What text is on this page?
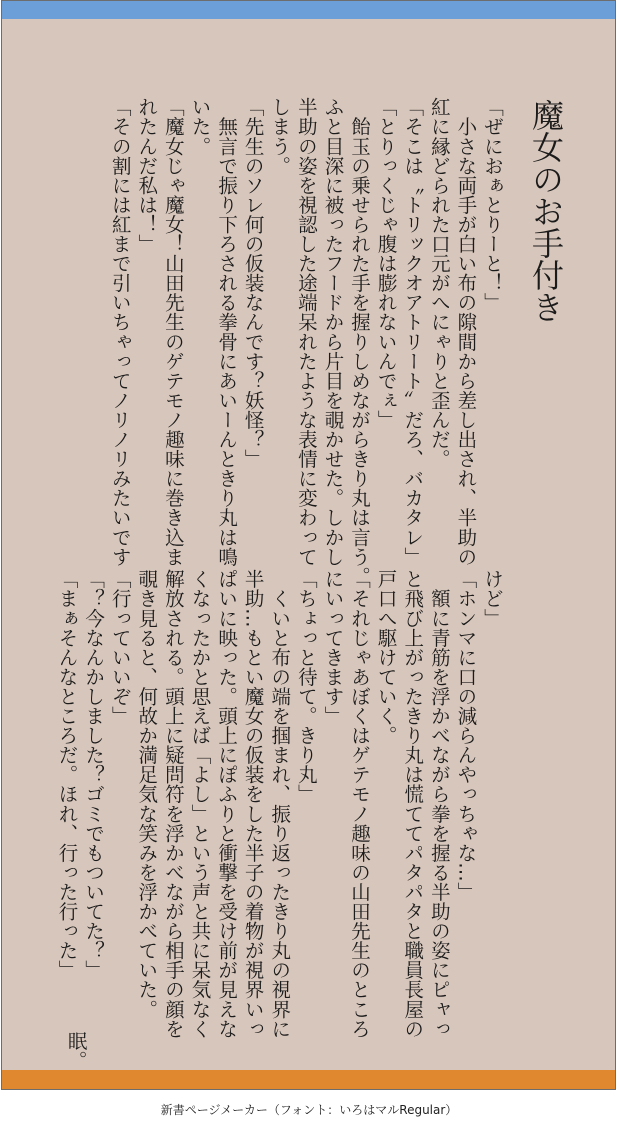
魔女のお手付き
「ぜにおぁとりーと！」
　小さな両手が白い布の隙間から差し出され、半助の
紅に縁どられた口元がへにゃりと歪んだ。
「そこは〝トリックオアトリート〟だろ、バカタレ」
「とりっくじゃ腹は膨れないんでぇ」
　飴玉の乗せられた手を握りしめながらきり丸は言う。
ふと目深に被ったフードから片目を覗かせた。しかし
半助の姿を視認した途端呆れたような表情に変わって
しまう。
「先生のソレ何の仮装なんです？妖怪？」
　無言で振り下ろされる拳骨にあいーんときり丸は鳴
いた。
「魔女じゃ魔女！山田先生のゲテモノ趣味に巻き込ま
れたんだ私は！」
「その割には紅まで引いちゃってノリノリみたいです
けど」
「ホンマに口の減らんやっちゃな…」
　額に青筋を浮かべながら拳を握る半助の姿にピャっ
と飛び上がったきり丸は慌ててパタパタと職員長屋の
戸口へ駆けていく。
「それじゃあぼくはゲテモノ趣味の山田先生のところ
にいってきます」
「ちょっと待て。きり丸」
　くいと布の端を掴まれ、振り返ったきり丸の視界に
半助…もとい魔女の仮装をした半子の着物が視界いっ
ぱいに映った。頭上にぽふりと衝撃を受け前が見えな
くなったかと思えば「よし」という声と共に呆気なく
解放される。頭上に疑問符を浮かべながら相手の顔を
覗き見ると、何故か満足気な笑みを浮かべていた。
「行っていいぞ」
「？今なんかしました？ゴミでもついてた？」
「まぁそんなところだ。ほれ、行った行った」
眠。
新書ページメーカー（フォント：いろはマルRegular）
